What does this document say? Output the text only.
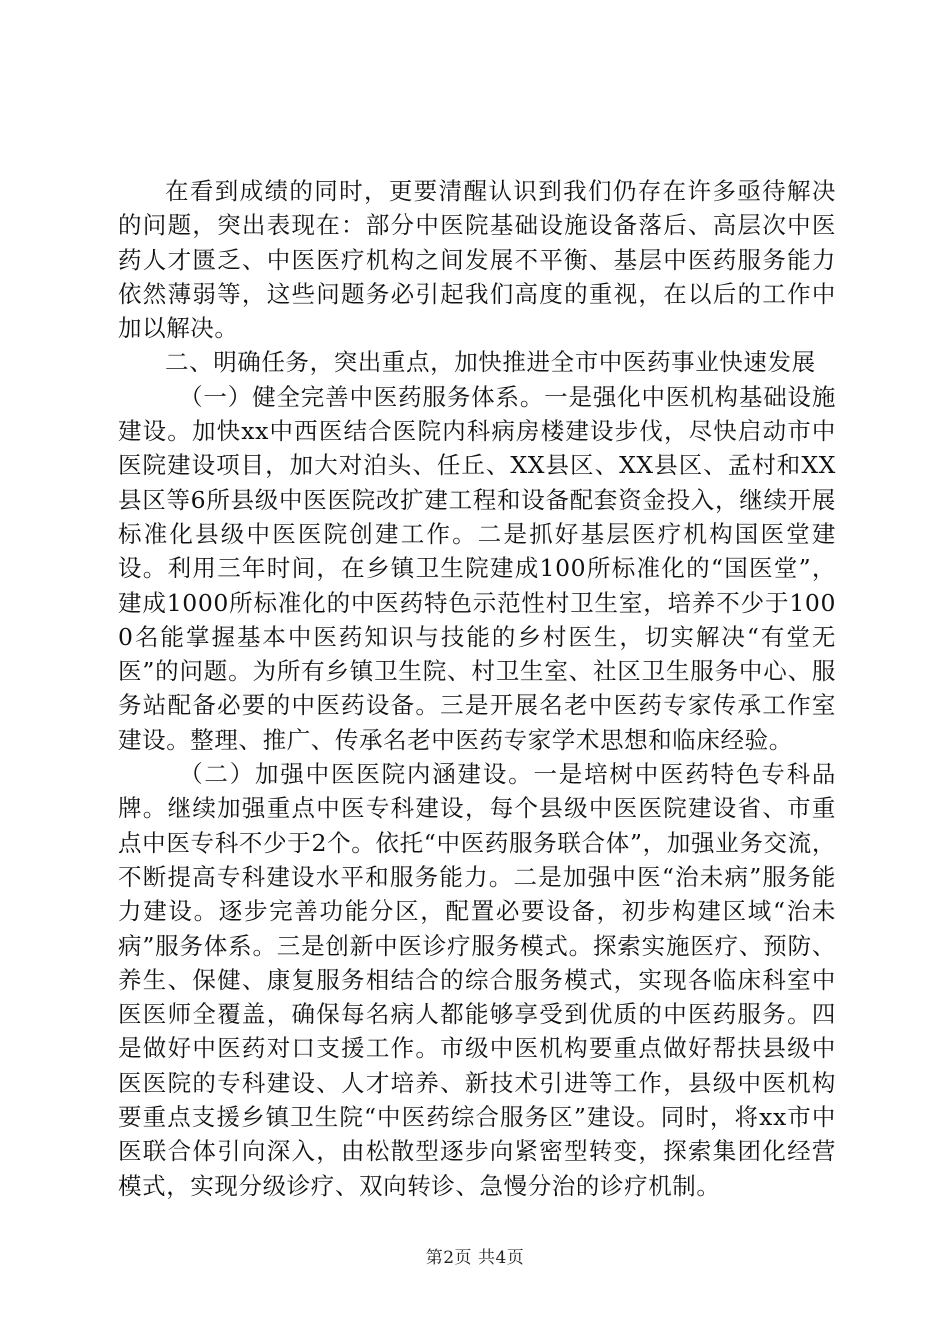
在看到成绩的同时，更要清醒认识到我们仍存在许多亟待解决的问题，突出表现在：部分中医院基础设施设备落后、高层次中医药人才匮乏、中医医疗机构之间发展不平衡、基层中医药服务能力依然薄弱等，这些问题务必引起我们高度的重视，在以后的工作中加以解决。

二、明确任务，突出重点，加快推进全市中医药事业快速发展

（一）健全完善中医药服务体系。一是强化中医机构基础设施建设。加快xx中西医结合医院内科病房楼建设步伐，尽快启动市中医院建设项目，加大对泊头、任丘、XX县区、XX县区、孟村和XX县区等6所县级中医医院改扩建工程和设备配套资金投入，继续开展标准化县级中医医院创建工作。二是抓好基层医疗机构国医堂建设。利用三年时间，在乡镇卫生院建成100所标准化的“国医堂”，建成1000所标准化的中医药特色示范性村卫生室，培养不少于1000名能掌握基本中医药知识与技能的乡村医生，切实解决“有堂无医”的问题。为所有乡镇卫生院、村卫生室、社区卫生服务中心、服务站配备必要的中医药设备。三是开展名老中医药专家传承工作室建设。整理、推广、传承名老中医药专家学术思想和临床经验。

（二）加强中医医院内涵建设。一是培树中医药特色专科品牌。继续加强重点中医专科建设，每个县级中医医院建设省、市重点中医专科不少于2个。依托“中医药服务联合体”，加强业务交流，不断提高专科建设水平和服务能力。二是加强中医“治未病”服务能力建设。逐步完善功能分区，配置必要设备，初步构建区域“治未病”服务体系。三是创新中医诊疗服务模式。探索实施医疗、预防、养生、保健、康复服务相结合的综合服务模式，实现各临床科室中医医师全覆盖，确保每名病人都能够享受到优质的中医药服务。四是做好中医药对口支援工作。市级中医机构要重点做好帮扶县级中医医院的专科建设、人才培养、新技术引进等工作，县级中医机构要重点支援乡镇卫生院“中医药综合服务区”建设。同时，将xx市中医联合体引向深入，由松散型逐步向紧密型转变，探索集团化经营模式，实现分级诊疗、双向转诊、急慢分治的诊疗机制。

第2页 共4页
